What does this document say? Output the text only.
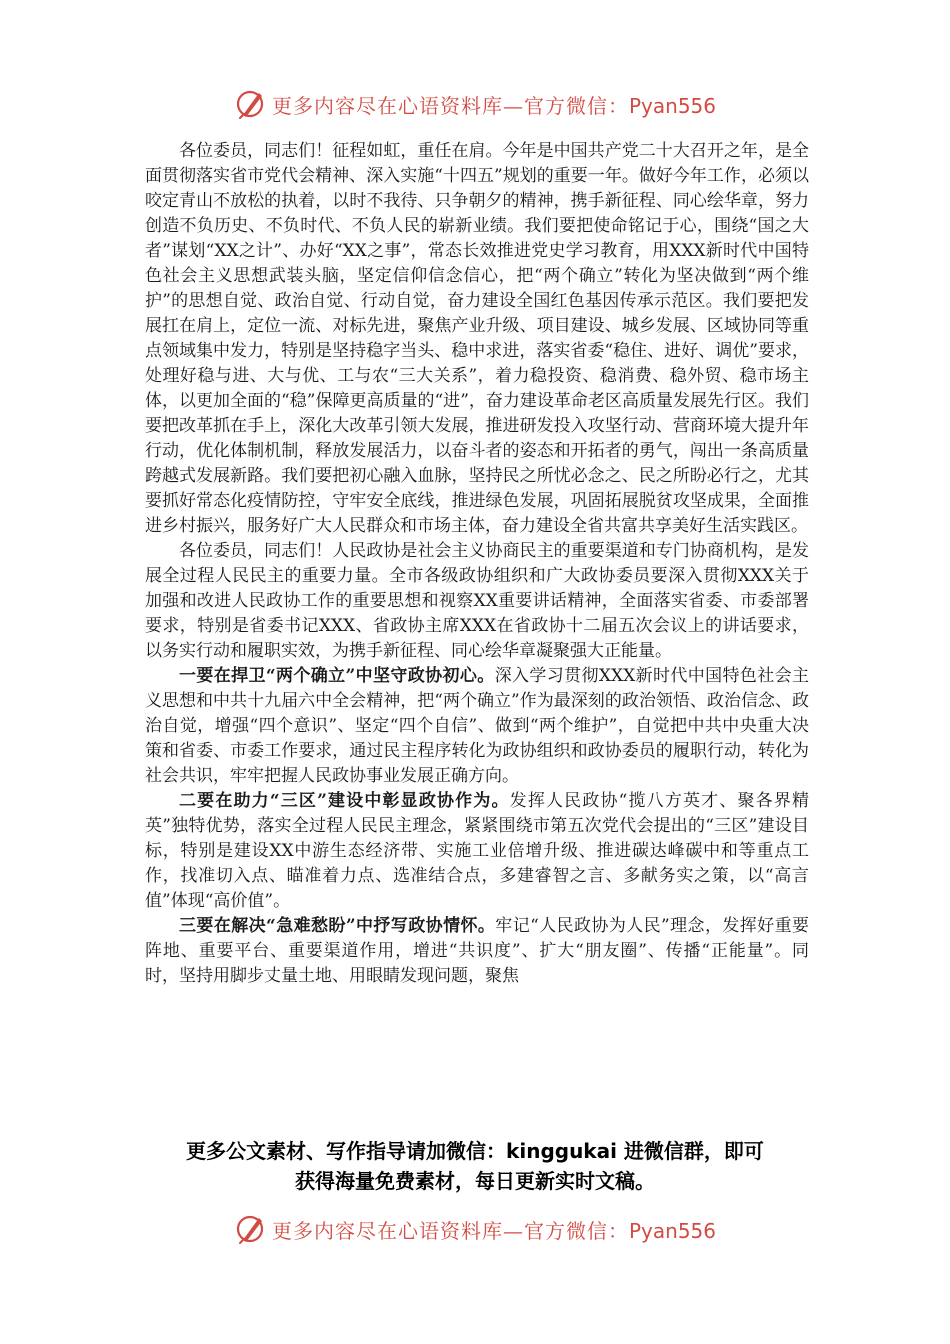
更多内容尽在心语资料库—官方微信：Pyan556

各位委员，同志们！征程如虹，重任在肩。今年是中国共产党二十大召开之年，是全面贯彻落实省市党代会精神、深入实施“十四五”规划的重要一年。做好今年工作，必须以咬定青山不放松的执着，以时不我待、只争朝夕的精神，携手新征程、同心绘华章，努力创造不负历史、不负时代、不负人民的崭新业绩。我们要把使命铭记于心，围绕“国之大者”谋划“XX之计”、办好“XX之事”，常态长效推进党史学习教育，用XXX新时代中国特色社会主义思想武装头脑，坚定信仰信念信心，把“两个确立”转化为坚决做到“两个维护”的思想自觉、政治自觉、行动自觉，奋力建设全国红色基因传承示范区。我们要把发展扛在肩上，定位一流、对标先进，聚焦产业升级、项目建设、城乡发展、区域协同等重点领域集中发力，特别是坚持稳字当头、稳中求进，落实省委“稳住、进好、调优”要求，处理好稳与进、大与优、工与农“三大关系”，着力稳投资、稳消费、稳外贸、稳市场主体，以更加全面的“稳”保障更高质量的“进”，奋力建设革命老区高质量发展先行区。我们要把改革抓在手上，深化大改革引领大发展，推进研发投入攻坚行动、营商环境大提升年行动，优化体制机制，释放发展活力，以奋斗者的姿态和开拓者的勇气，闯出一条高质量跨越式发展新路。我们要把初心融入血脉，坚持民之所忧必念之、民之所盼必行之，尤其要抓好常态化疫情防控，守牢安全底线，推进绿色发展，巩固拓展脱贫攻坚成果，全面推进乡村振兴，服务好广大人民群众和市场主体，奋力建设全省共富共享美好生活实践区。

各位委员，同志们！人民政协是社会主义协商民主的重要渠道和专门协商机构，是发展全过程人民民主的重要力量。全市各级政协组织和广大政协委员要深入贯彻XXX关于加强和改进人民政协工作的重要思想和视察XX重要讲话精神，全面落实省委、市委部署要求，特别是省委书记XXX、省政协主席XXX在省政协十二届五次会议上的讲话要求，以务实行动和履职实效，为携手新征程、同心绘华章凝聚强大正能量。

一要在捍卫“两个确立”中坚守政协初心。深入学习贯彻XXX新时代中国特色社会主义思想和中共十九届六中全会精神，把“两个确立”作为最深刻的政治领悟、政治信念、政治自觉，增强“四个意识”、坚定“四个自信”、做到“两个维护”，自觉把中共中央重大决策和省委、市委工作要求，通过民主程序转化为政协组织和政协委员的履职行动，转化为社会共识，牢牢把握人民政协事业发展正确方向。

二要在助力“三区”建设中彰显政协作为。发挥人民政协“揽八方英才、聚各界精英”独特优势，落实全过程人民民主理念，紧紧围绕市第五次党代会提出的“三区”建设目标，特别是建设XX中游生态经济带、实施工业倍增升级、推进碳达峰碳中和等重点工作，找准切入点、瞄准着力点、选准结合点，多建睿智之言、多献务实之策，以“高言值”体现“高价值”。

三要在解决“急难愁盼”中抒写政协情怀。牢记“人民政协为人民”理念，发挥好重要阵地、重要平台、重要渠道作用，增进“共识度”、扩大“朋友圈”、传播“正能量”。同时，坚持用脚步丈量土地、用眼睛发现问题，聚焦

更多公文素材、写作指导请加微信：kinggukai 进微信群，即可
获得海量免费素材，每日更新实时文稿。
更多内容尽在心语资料库—官方微信：Pyan556
